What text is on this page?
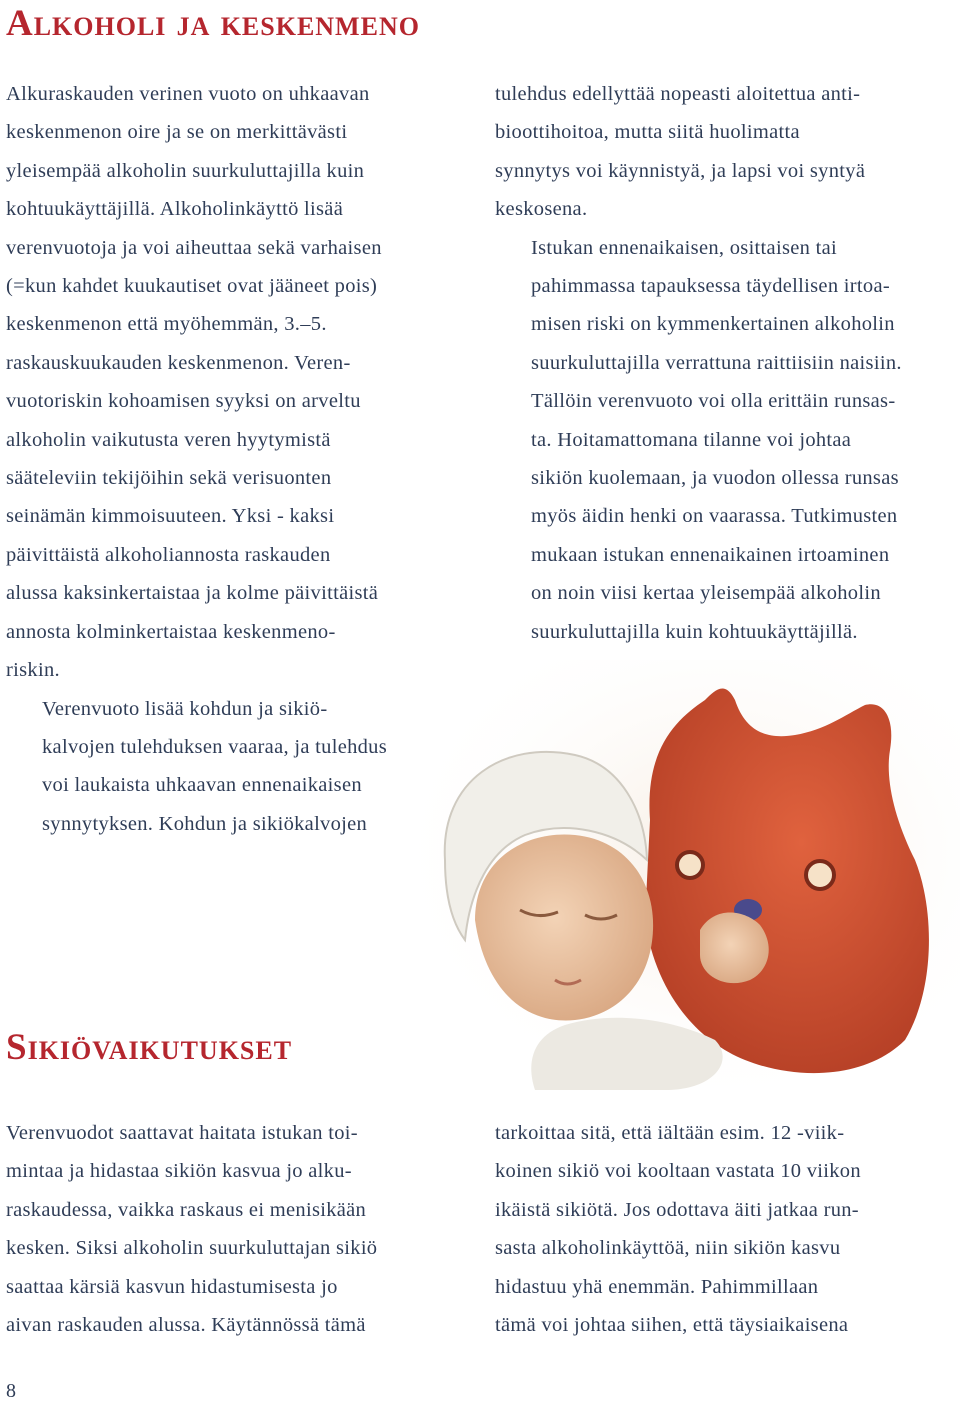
Alkoholi ja keskenmeno

Alkuraskauden verinen vuoto on uhkaavan
keskenmenon oire ja se on merkittävästi
yleisempää alkoholin suurkuluttajilla kuin
kohtuukäyttäjillä. Alkoholinkäyttö lisää
verenvuotoja ja voi aiheuttaa sekä varhaisen
(=kun kahdet kuukautiset ovat jääneet pois)
keskenmenon että myöhemmän, 3.–5.
raskauskuukauden keskenmenon. Veren-
vuotoriskin kohoamisen syyksi on arveltu
alkoholin vaikutusta veren hyytymistä
sääteleviin tekijöihin sekä verisuonten
seinämän kimmoisuuteen. Yksi - kaksi
päivittäistä alkoholiannosta raskauden
alussa kaksinkertaistaa ja kolme päivittäistä
annosta kolminkertaistaa keskenmeno-
riskin.

Verenvuoto lisää kohdun ja sikiö-
kalvojen tulehduksen vaaraa, ja tulehdus
voi laukaista uhkaavan ennenaikaisen
synnytyksen. Kohdun ja sikiökalvojen

tulehdus edellyttää nopeasti aloitettua anti-
bioottihoitoa, mutta siitä huolimatta
synnytys voi käynnistyä, ja lapsi voi syntyä
keskosena.

Istukan ennenaikaisen, osittaisen tai
pahimmassa tapauksessa täydellisen irtoa-
misen riski on kymmenkertainen alkoholin
suurkuluttajilla verrattuna raittiisiin naisiin.
Tällöin verenvuoto voi olla erittäin runsas-
ta. Hoitamattomana tilanne voi johtaa
sikiön kuolemaan, ja vuodon ollessa runsas
myös äidin henki on vaarassa. Tutkimusten
mukaan istukan ennenaikainen irtoaminen
on noin viisi kertaa yleisempää alkoholin
suurkuluttajilla kuin kohtuukäyttäjillä.

Sikiövaikutukset

Verenvuodot saattavat haitata istukan toi-
mintaa ja hidastaa sikiön kasvua jo alku-
raskaudessa, vaikka raskaus ei menisikään
kesken. Siksi alkoholin suurkuluttajan sikiö
saattaa kärsiä kasvun hidastumisesta jo
aivan raskauden alussa. Käytännössä tämä

tarkoittaa sitä, että iältään esim. 12 -viik-
koinen sikiö voi kooltaan vastata 10 viikon
ikäistä sikiötä. Jos odottava äiti jatkaa run-
sasta alkoholinkäyttöä, niin sikiön kasvu
hidastuu yhä enemmän. Pahimmillaan
tämä voi johtaa siihen, että täysiaikaisena

8
